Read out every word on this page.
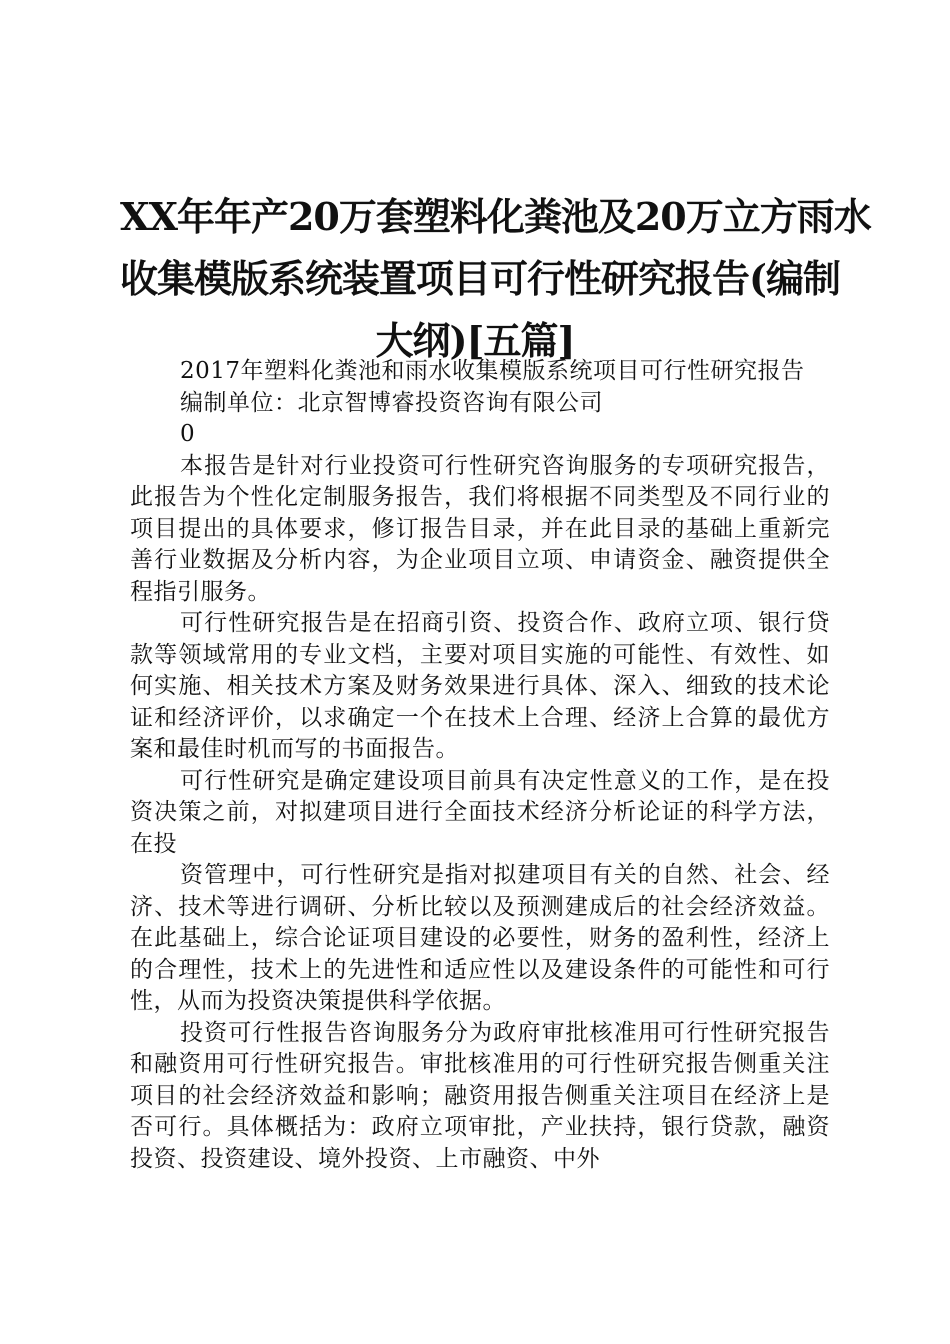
XX年年产20万套塑料化粪池及20万立方雨水
收集模版系统装置项目可行性研究报告(编制
大纲)[五篇]

2017年塑料化粪池和雨水收集模版系统项目可行性研究报告

编制单位：北京智博睿投资咨询有限公司

0

本报告是针对行业投资可行性研究咨询服务的专项研究报告，此报告为个性化定制服务报告，我们将根据不同类型及不同行业的项目提出的具体要求，修订报告目录，并在此目录的基础上重新完善行业数据及分析内容，为企业项目立项、申请资金、融资提供全程指引服务。

可行性研究报告是在招商引资、投资合作、政府立项、银行贷款等领域常用的专业文档，主要对项目实施的可能性、有效性、如何实施、相关技术方案及财务效果进行具体、深入、细致的技术论证和经济评价，以求确定一个在技术上合理、经济上合算的最优方案和最佳时机而写的书面报告。

可行性研究是确定建设项目前具有决定性意义的工作，是在投资决策之前，对拟建项目进行全面技术经济分析论证的科学方法，在投

资管理中，可行性研究是指对拟建项目有关的自然、社会、经济、技术等进行调研、分析比较以及预测建成后的社会经济效益。在此基础上，综合论证项目建设的必要性，财务的盈利性，经济上的合理性，技术上的先进性和适应性以及建设条件的可能性和可行性，从而为投资决策提供科学依据。

投资可行性报告咨询服务分为政府审批核准用可行性研究报告和融资用可行性研究报告。审批核准用的可行性研究报告侧重关注项目的社会经济效益和影响；融资用报告侧重关注项目在经济上是否可行。具体概括为：政府立项审批，产业扶持，银行贷款，融资投资、投资建设、境外投资、上市融资、中外
